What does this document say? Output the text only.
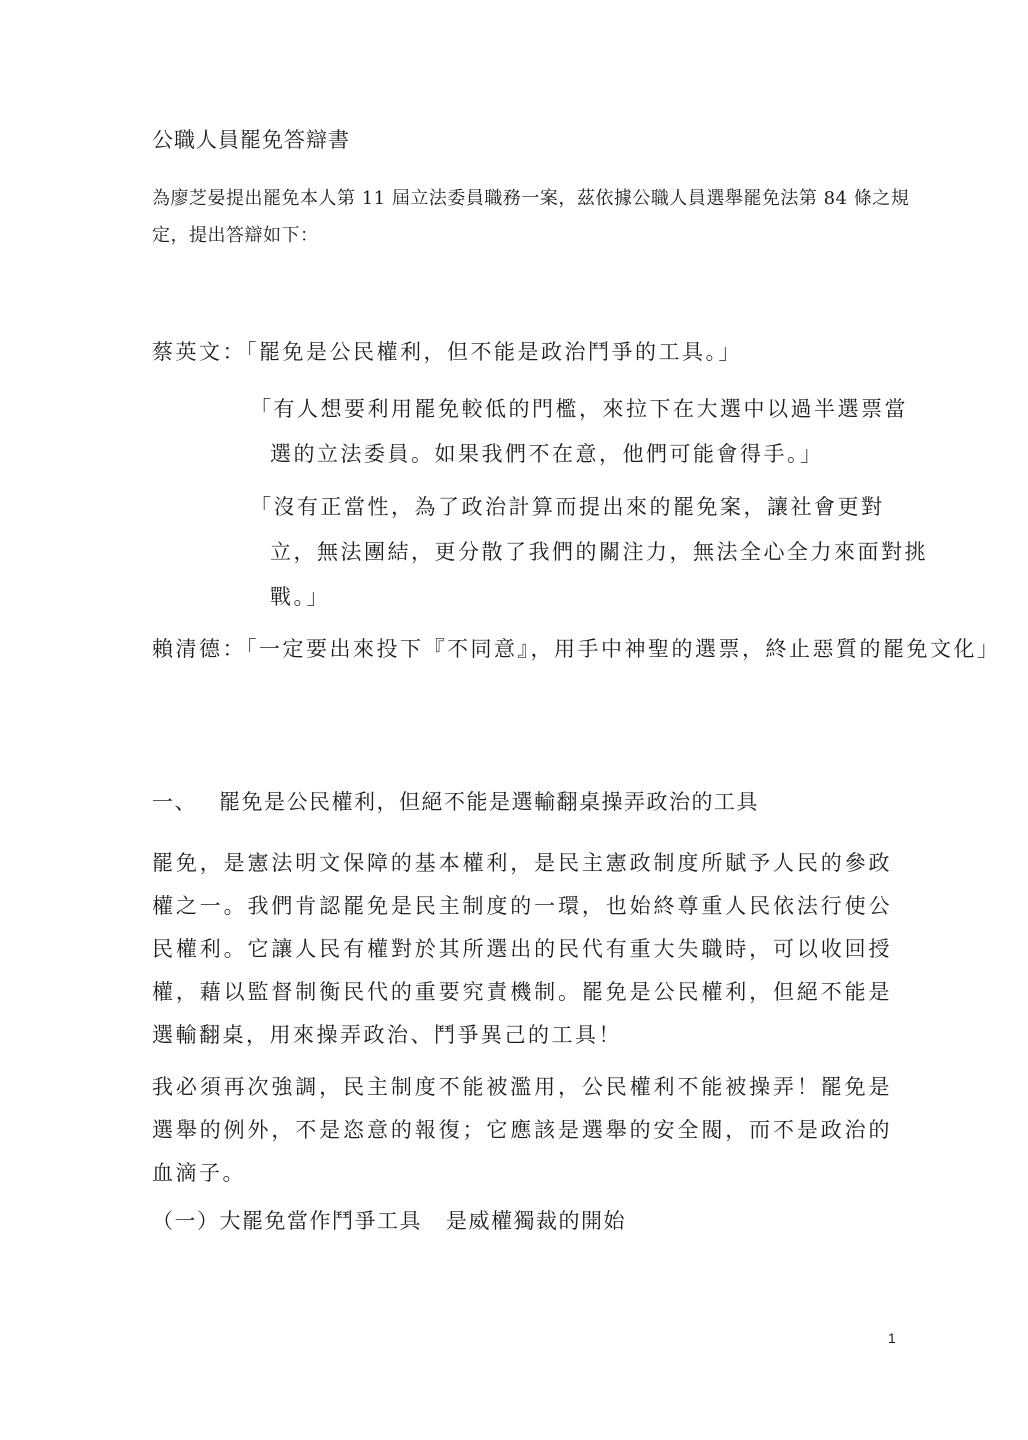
公職人員罷免答辯書
為廖芝晏提出罷免本人第 11 屆立法委員職務一案，茲依據公職人員選舉罷免法第 84 條之規定，提出答辯如下：
蔡英文：「罷免是公民權利，但不能是政治鬥爭的工具。」
「有人想要利用罷免較低的門檻，來拉下在大選中以過半選票當選的立法委員。如果我們不在意，他們可能會得手。」
「沒有正當性，為了政治計算而提出來的罷免案，讓社會更對立，無法團結，更分散了我們的關注力，無法全心全力來面對挑戰。」
賴清德：「一定要出來投下『不同意』，用手中神聖的選票，終止惡質的罷免文化」
一、 罷免是公民權利，但絕不能是選輸翻桌操弄政治的工具
罷免，是憲法明文保障的基本權利，是民主憲政制度所賦予人民的參政權之一。我們肯認罷免是民主制度的一環，也始終尊重人民依法行使公民權利。它讓人民有權對於其所選出的民代有重大失職時，可以收回授權，藉以監督制衡民代的重要究責機制。罷免是公民權利，但絕不能是選輸翻桌，用來操弄政治、鬥爭異己的工具！
我必須再次強調，民主制度不能被濫用，公民權利不能被操弄！罷免是選舉的例外，不是恣意的報復；它應該是選舉的安全閥，而不是政治的血滴子。
（一）大罷免當作鬥爭工具 是威權獨裁的開始
1
